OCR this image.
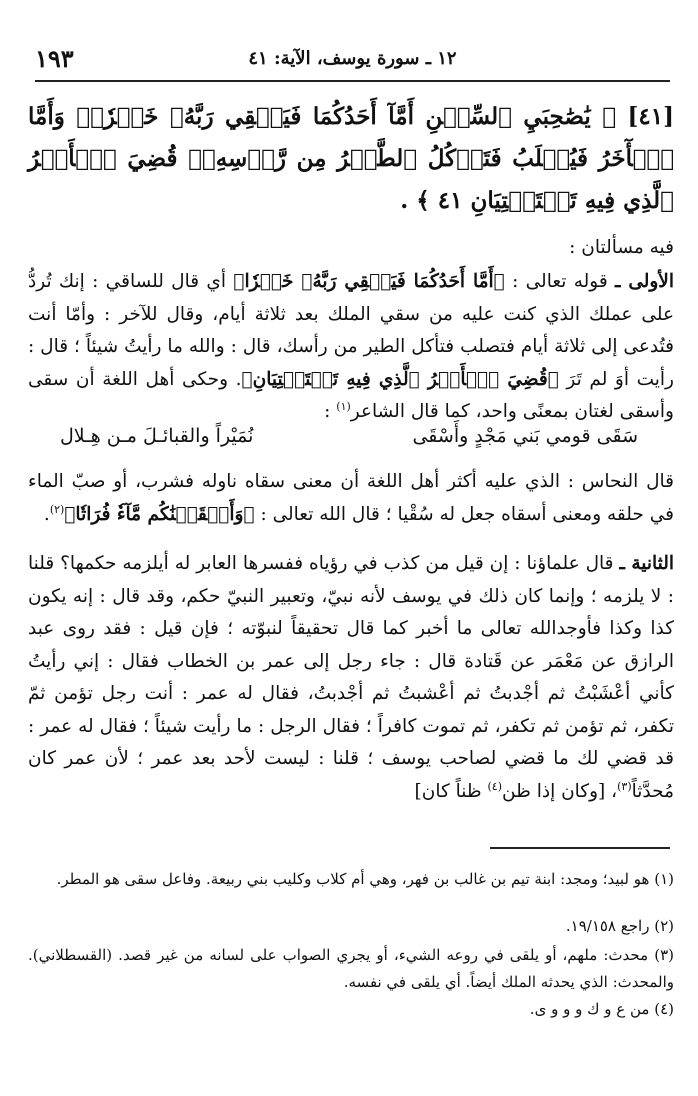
١٩٣	١٢ ـ سورة يوسف، الآية: ٤١
[٤١] ﴿ يَٰصَٰحِبَيِ ٱلسِّجۡنِ أَمَّآ أَحَدُكُمَا فَيَسۡقِي رَبَّهُۥ خَمۡرٗاۖ وَأَمَّا ٱلۡأٓخَرُ فَيُصۡلَبُ فَتَأۡكُلُ ٱلطَّيۡرُ مِن رَّأۡسِهِۦۚ قُضِيَ ٱلۡأَمۡرُ ٱلَّذِي فِيهِ تَسۡتَفۡتِيَانِ ٤١ ﴾ .
فيه مسألتان :
الأولى ـ قوله تعالى : ﴿أَمَّا أَحَدُكُمَا فَيَسۡقِي رَبَّهُۥ خَمۡرٗا﴾ أي قال للساقي : إنك تُردُّ على عملك الذي كنت عليه من سقي الملك بعد ثلاثة أيام، وقال للآخر : وأمّا أنت فتُدعى إلى ثلاثة أيام فتصلب فتأكل الطير من رأسك، قال : والله ما رأيتُ شيئاً ؛ قال : رأيت أوَ لم تَرَ ﴿قُضِيَ ٱلۡأَمۡرُ ٱلَّذِي فِيهِ تَسۡتَفۡتِيَانِ﴾. وحكى أهل اللغة أن سقى وأسقى لغتان بمعنًى واحد، كما قال الشاعر$^{(١)}$ :
سَقَى قومي بَني مَجْدٍ وأَسْقَى
نُمَيْراً والقبائـلَ مـن هِـلال
قال النحاس : الذي عليه أكثر أهل اللغة أن معنى سقاه ناوله فشرب، أو صبّ الماء في حلقه ومعنى أسقاه جعل له سُقْيا ؛ قال الله تعالى : ﴿وَأَسۡقَيۡنَٰكُم مَّآءٗ فُرَاتٗا﴾$^{(٢)}$.
الثانية ـ قال علماؤنا : إن قيل من كذب في رؤياه ففسرها العابر له أيلزمه حكمها؟ قلنا : لا يلزمه ؛ وإنما كان ذلك في يوسف لأنه نبيّ، وتعبير النبيّ حكم، وقد قال : إنه يكون كذا وكذا فأوجدالله تعالى ما أخبر كما قال تحقيقاً لنبوّته ؛ فإن قيل : فقد روى عبد الرازق عن مَعْمَر عن قَتادة قال : جاء رجل إلى عمر بن الخطاب فقال : إني رأيتُ كأني أعْشَبْتُ ثم أجْدبتُ ثم أعْشبتُ ثم أجْدبتُ، فقال له عمر : أنت رجل تؤمن ثمّ تكفر، ثم تؤمن ثم تكفر، ثم تموت كافراً ؛ فقال الرجل : ما رأيت شيئاً ؛ فقال له عمر : قد قضي لك ما قضي لصاحب يوسف ؛ قلنا : ليست لأحد بعد عمر ؛ لأن عمر كان مُحدَّثاً$^{(٣)}$، [وكان إذا ظن$^{(٤)}$ ظناً كان]
(١) هو لبيد؛ ومجد: ابنة تيم بن غالب بن فهر، وهي أم كلاب وكليب بني ربيعة. وفاعل سقى هو المطر.
(٢) راجع ١٩/١٥٨.
(٣) محدث: ملهم، أو يلقى في روعه الشيء، أو يجري الصواب على لسانه من غير قصد. (القسطلاني). والمحدث: الذي يحدثه الملك أيضاً. أي يلقى في نفسه.
(٤) من ع و ك و و و ى.
